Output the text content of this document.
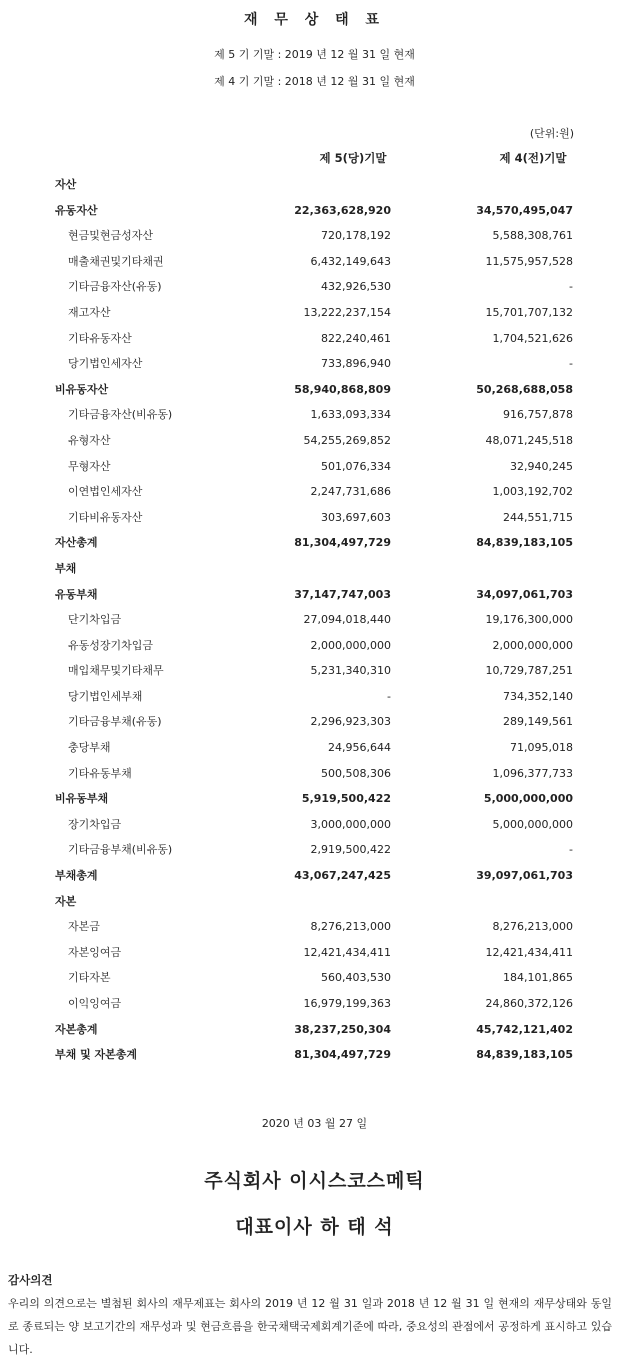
재 무 상 태 표
제 5 기 기말 : 2019 년 12 월 31 일 현재
제 4 기 기말 : 2018 년 12 월 31 일 현재
(단위:원)
제 5(당)기말	제 4(전)기말
자산
유동자산	22,363,628,920	34,570,495,047
현금및현금성자산	720,178,192	5,588,308,761
매출채권및기타채권	6,432,149,643	11,575,957,528
기타금융자산(유동)	432,926,530	-
재고자산	13,222,237,154	15,701,707,132
기타유동자산	822,240,461	1,704,521,626
당기법인세자산	733,896,940	-
비유동자산	58,940,868,809	50,268,688,058
기타금융자산(비유동)	1,633,093,334	916,757,878
유형자산	54,255,269,852	48,071,245,518
무형자산	501,076,334	32,940,245
이연법인세자산	2,247,731,686	1,003,192,702
기타비유동자산	303,697,603	244,551,715
자산총계	81,304,497,729	84,839,183,105
부채
유동부채	37,147,747,003	34,097,061,703
단기차입금	27,094,018,440	19,176,300,000
유동성장기차입금	2,000,000,000	2,000,000,000
매입채무및기타채무	5,231,340,310	10,729,787,251
당기법인세부채	-	734,352,140
기타금융부채(유동)	2,296,923,303	289,149,561
충당부채	24,956,644	71,095,018
기타유동부채	500,508,306	1,096,377,733
비유동부채	5,919,500,422	5,000,000,000
장기차입금	3,000,000,000	5,000,000,000
기타금융부채(비유동)	2,919,500,422	-
부채총계	43,067,247,425	39,097,061,703
자본
자본금	8,276,213,000	8,276,213,000
자본잉여금	12,421,434,411	12,421,434,411
기타자본	560,403,530	184,101,865
이익잉여금	16,979,199,363	24,860,372,126
자본총계	38,237,250,304	45,742,121,402
부채 및 자본총계	81,304,497,729	84,839,183,105
2020 년 03 월 27 일
주식회사 이시스코스메틱
대표이사 하 태 석
감사의견
우리의 의견으로는 별첨된 회사의 재무제표는 회사의 2019 년 12 월 31 일과 2018 년 12 월 31 일 현재의 재무상태와 동일로 종료되는 양 보고기간의 재무성과 및 현금흐름을 한국채택국제회계기준에 따라, 중요성의 관점에서 공정하게 표시하고 있습니다.
